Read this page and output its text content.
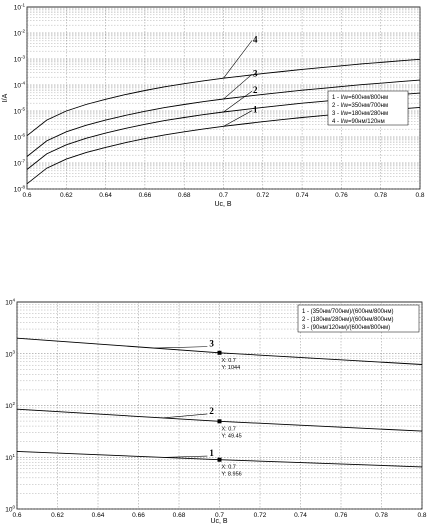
0.6	0.62	0.64	0.66	0.68	0.7	0.72	0.74	0.76	0.78	0.8
$10^{-8}$
$10^{-7}$
$10^{-6}$
$10^{-5}$
$10^{-4}$
$10^{-3}$
$10^{-2}$
$10^{-1}$
1
2
3
4
Uc, B
I/A	1 - l/w=600нм/800нм
2 - l/w=350нм/700нм
3 - l/w=180нм/280нм
4 - l/w=90нм/120нм
0.6	0.62	0.64	0.66	0.68	0.7	0.72	0.74	0.76	0.78	0.8
$10^0$
$10^1$
$10^2$
$10^3$
$10^4$
3
2
1
X: 0.7
Y: 1044
X: 0.7
Y: 49.45
X: 0.7
Y: 8.956
Uc, B
1 - (350нм/700нм)/(600нм/800нм)
2 - (180нм/280нм)/(600нм/800нм)
3 - (90нм/120нм)/(600нм/800нм)
